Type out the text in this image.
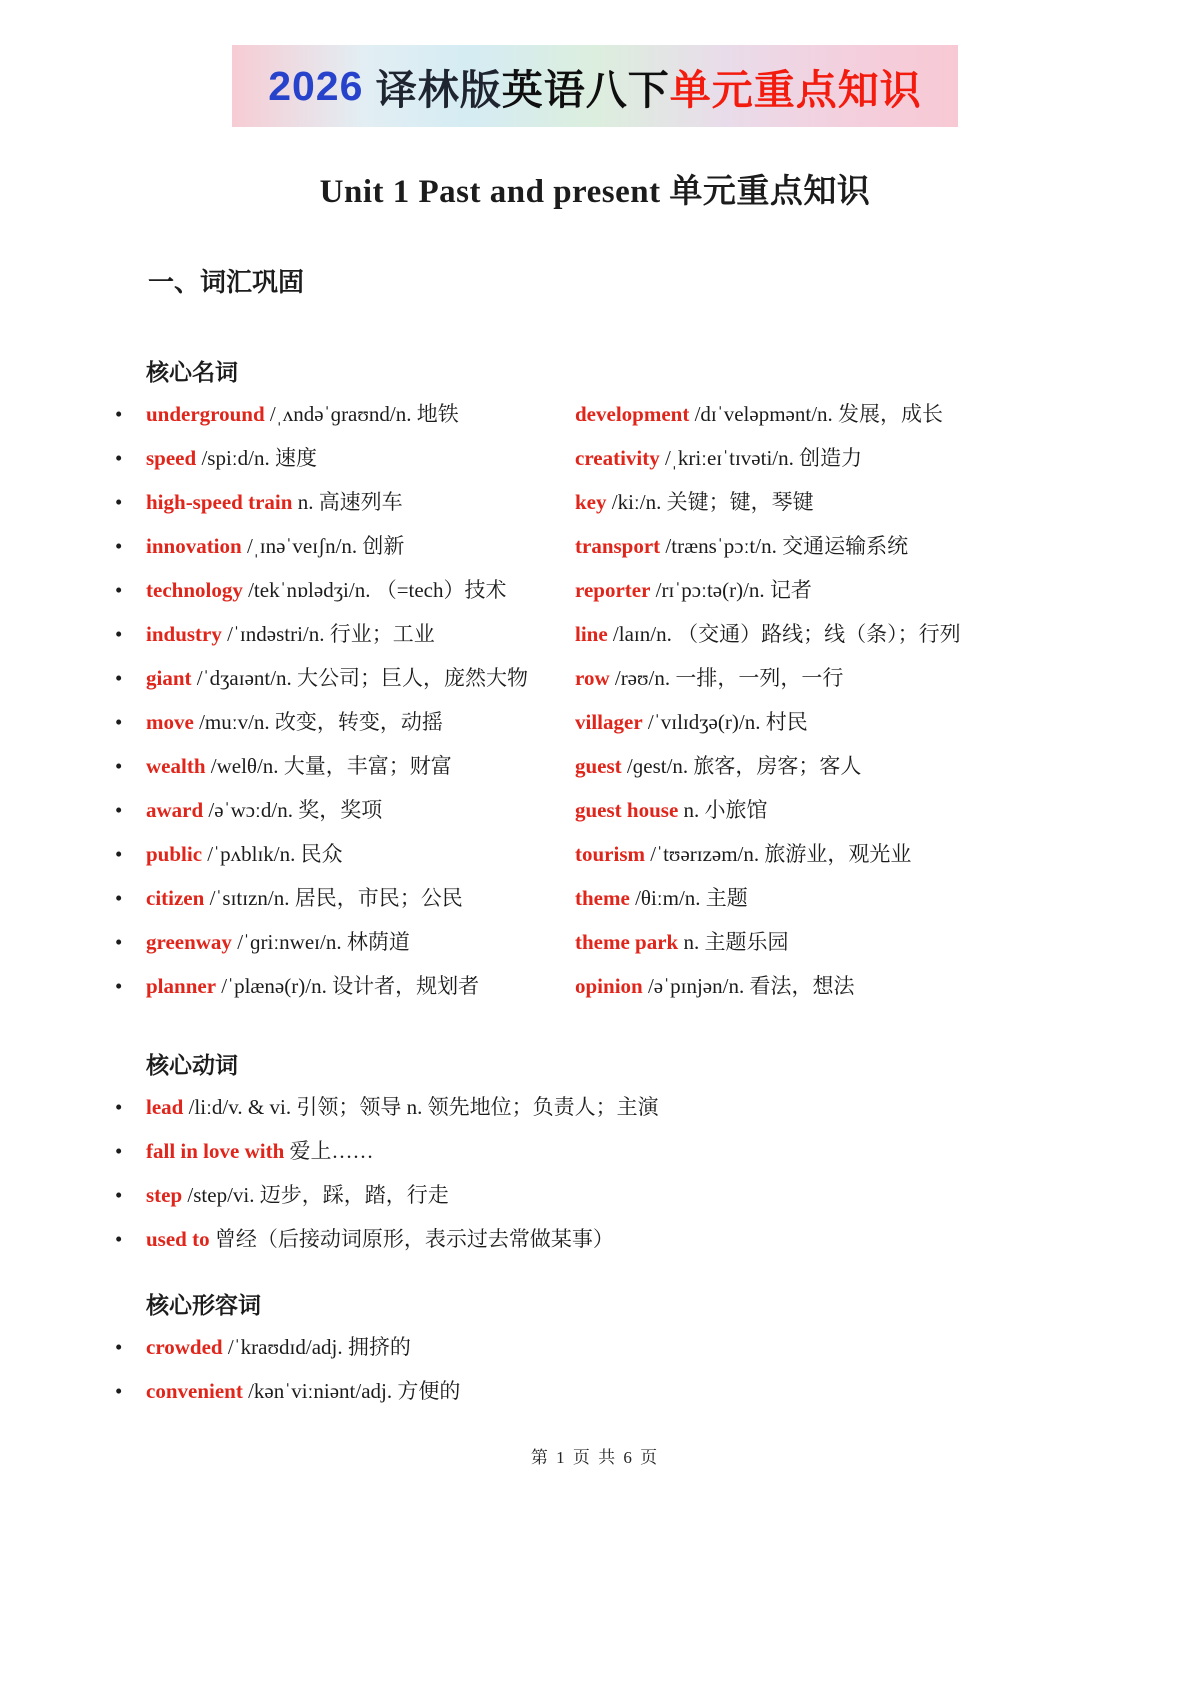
2026 译林版 英语八下 单元重点知识
Unit 1 Past and present 单元重点知识
一、词汇巩固
核心名词
• underground /ˌʌndəˈɡraʊnd/n. 地铁
• speed /spiːd/n. 速度
• high-speed train n. 高速列车
• innovation /ˌɪnəˈveɪʃn/n. 创新
• technology /tekˈnɒlədʒi/n. （=tech）技术
• industry /ˈɪndəstri/n. 行业；工业
• giant /ˈdʒaɪənt/n. 大公司；巨人，庞然大物
• move /muːv/n. 改变，转变，动摇
• wealth /welθ/n. 大量，丰富；财富
• award /əˈwɔːd/n. 奖，奖项
• public /ˈpʌblɪk/n. 民众
• citizen /ˈsɪtɪzn/n. 居民，市民；公民
• greenway /ˈɡriːnweɪ/n. 林荫道
• planner /ˈplænə(r)/n. 设计者，规划者
development /dɪˈveləpmənt/n. 发展，成长
creativity /ˌkriːeɪˈtɪvəti/n. 创造力
key /kiː/n. 关键；键，琴键
transport /trænsˈpɔːt/n. 交通运输系统
reporter /rɪˈpɔːtə(r)/n. 记者
line /laɪn/n. （交通）路线；线（条）；行列
row /rəʊ/n. 一排，一列，一行
villager /ˈvɪlɪdʒə(r)/n. 村民
guest /ɡest/n. 旅客，房客；客人
guest house n. 小旅馆
tourism /ˈtʊərɪzəm/n. 旅游业，观光业
theme /θiːm/n. 主题
theme park n. 主题乐园
opinion /əˈpɪnjən/n. 看法，想法
核心动词
• lead /liːd/v. & vi. 引领；领导 n. 领先地位；负责人；主演
• fall in love with 爱上……
• step /step/vi. 迈步，踩，踏，行走
• used to 曾经（后接动词原形，表示过去常做某事）
核心形容词
• crowded /ˈkraʊdɪd/adj. 拥挤的
• convenient /kənˈviːniənt/adj. 方便的
第 1 页 共 6 页
